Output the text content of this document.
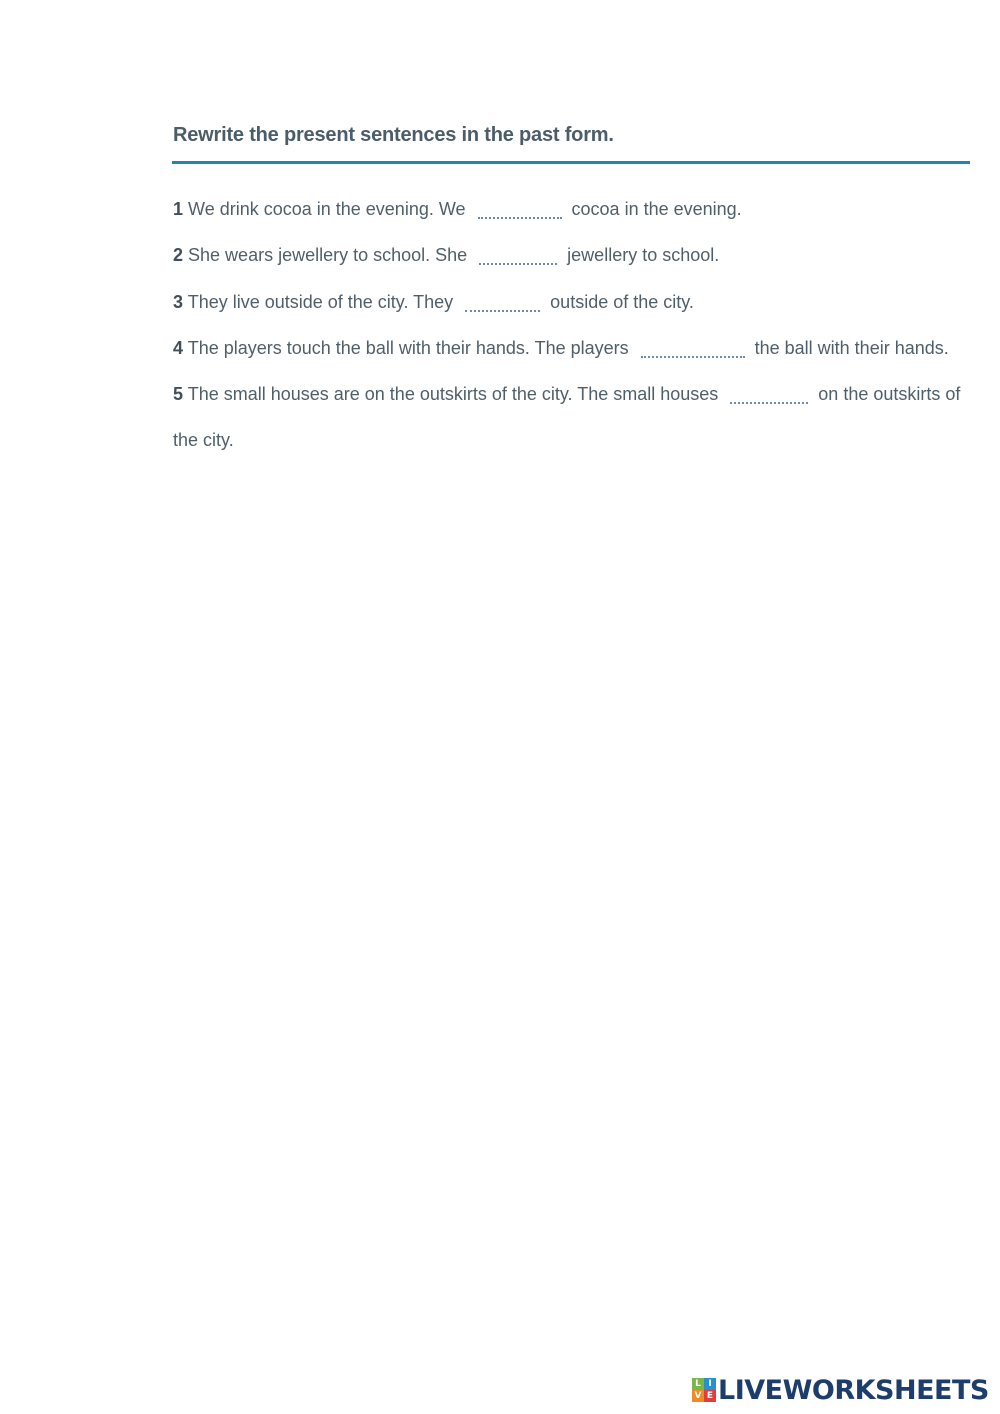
Rewrite the present sentences in the past form.

1 We drink cocoa in the evening. We	cocoa in the evening.

2 She wears jewellery to school. She	jewellery to school.

3 They live outside of the city. They	outside of the city.

4 The players touch the ball with their hands. The players	the ball with their hands.

5 The small houses are on the outskirts of the city. The small houses	on the outskirts of the city.

L I
V E LIVEWORKSHEETS
